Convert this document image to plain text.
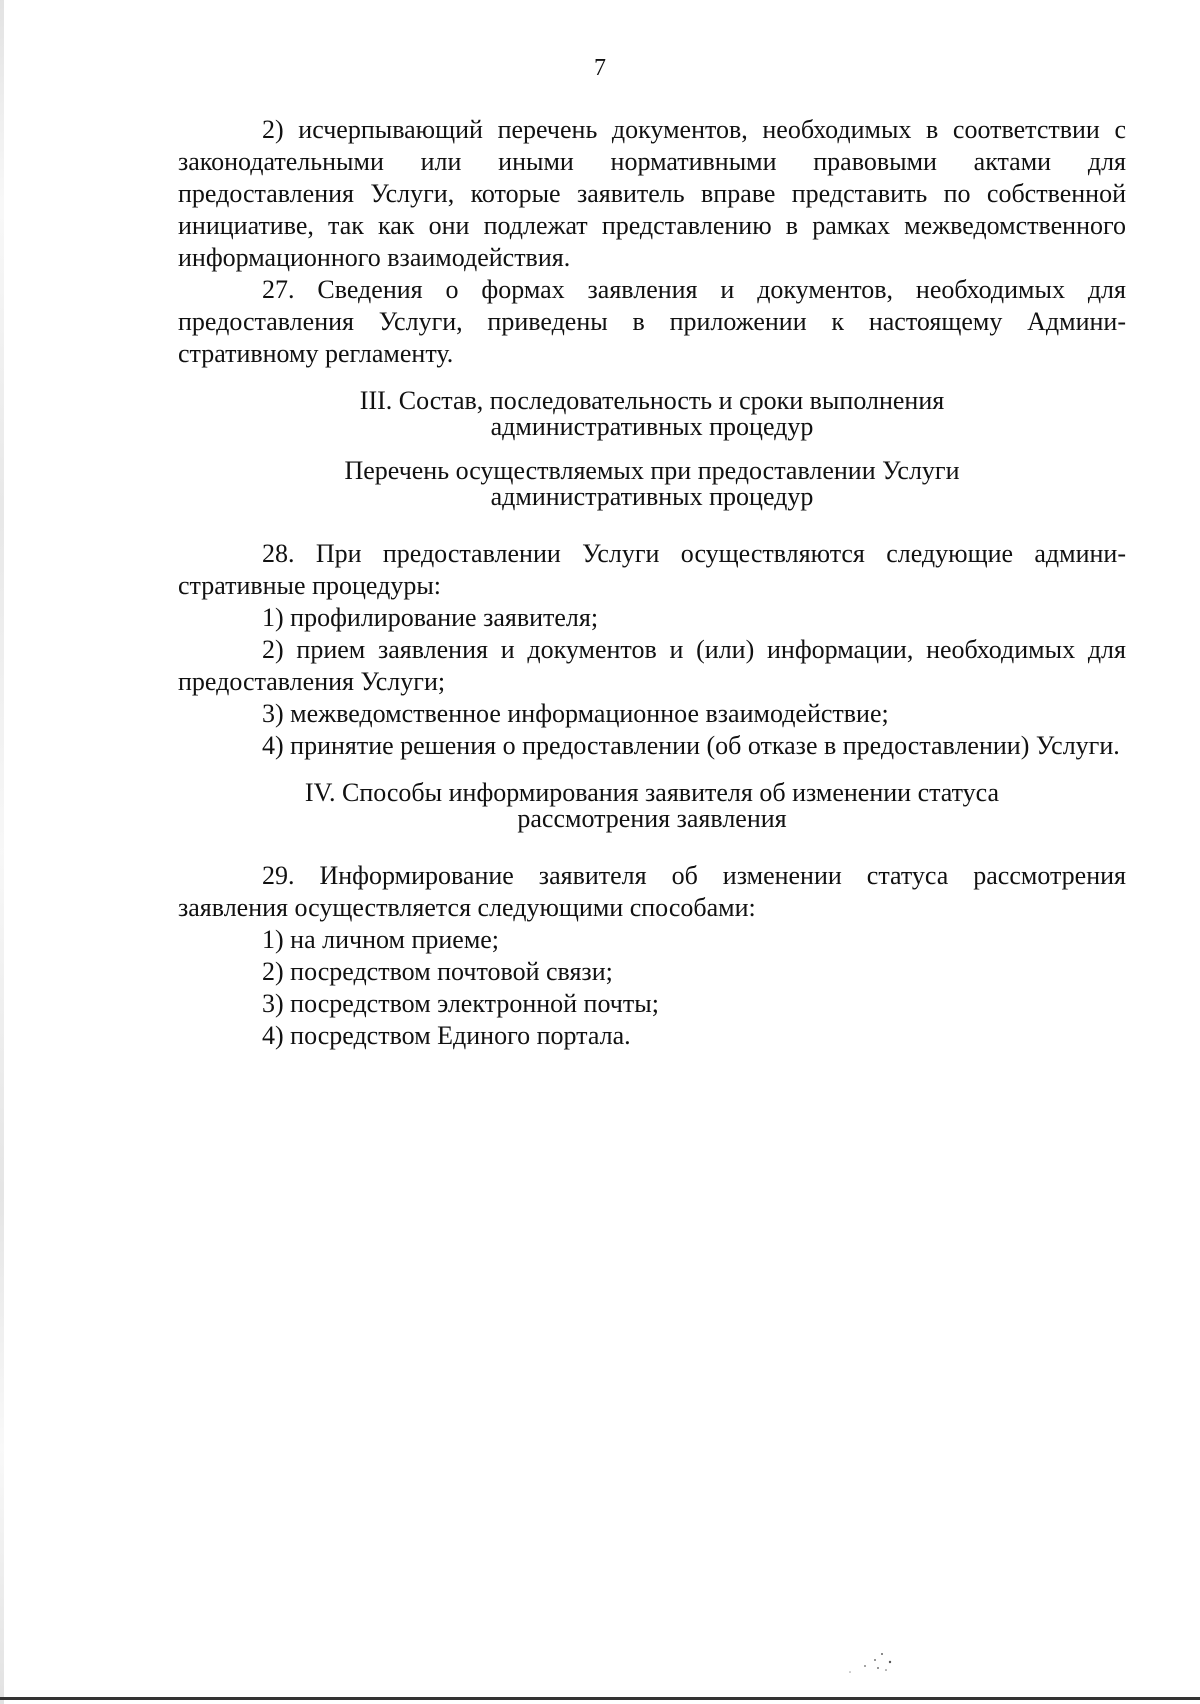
7

2) исчерпывающий перечень документов, необходимых в соответствии с законодательными или иными нормативными правовыми актами для предоставления Услуги, которые заявитель вправе представить по собственной инициативе, так как они подлежат представлению в рамках межведомственного информационного взаимодействия.

27. Сведения о формах заявления и документов, необходимых для предоставления Услуги, приведены в приложении к настоящему Административному регламенту.

III. Состав, последовательность и сроки выполнения
административных процедур
Перечень осуществляемых при предоставлении Услуги
административных процедур

28. При предоставлении Услуги осуществляются следующие административные процедуры:

1) профилирование заявителя;

2) прием заявления и документов и (или) информации, необходимых для предоставления Услуги;

3) межведомственное информационное взаимодействие;

4) принятие решения о предоставлении (об отказе в предоставлении) Услуги.

IV. Способы информирования заявителя об изменении статуса
рассмотрения заявления

29. Информирование заявителя об изменении статуса рассмотрения заявления осуществляется следующими способами:

1) на личном приеме;

2) посредством почтовой связи;

3) посредством электронной почты;

4) посредством Единого портала.
